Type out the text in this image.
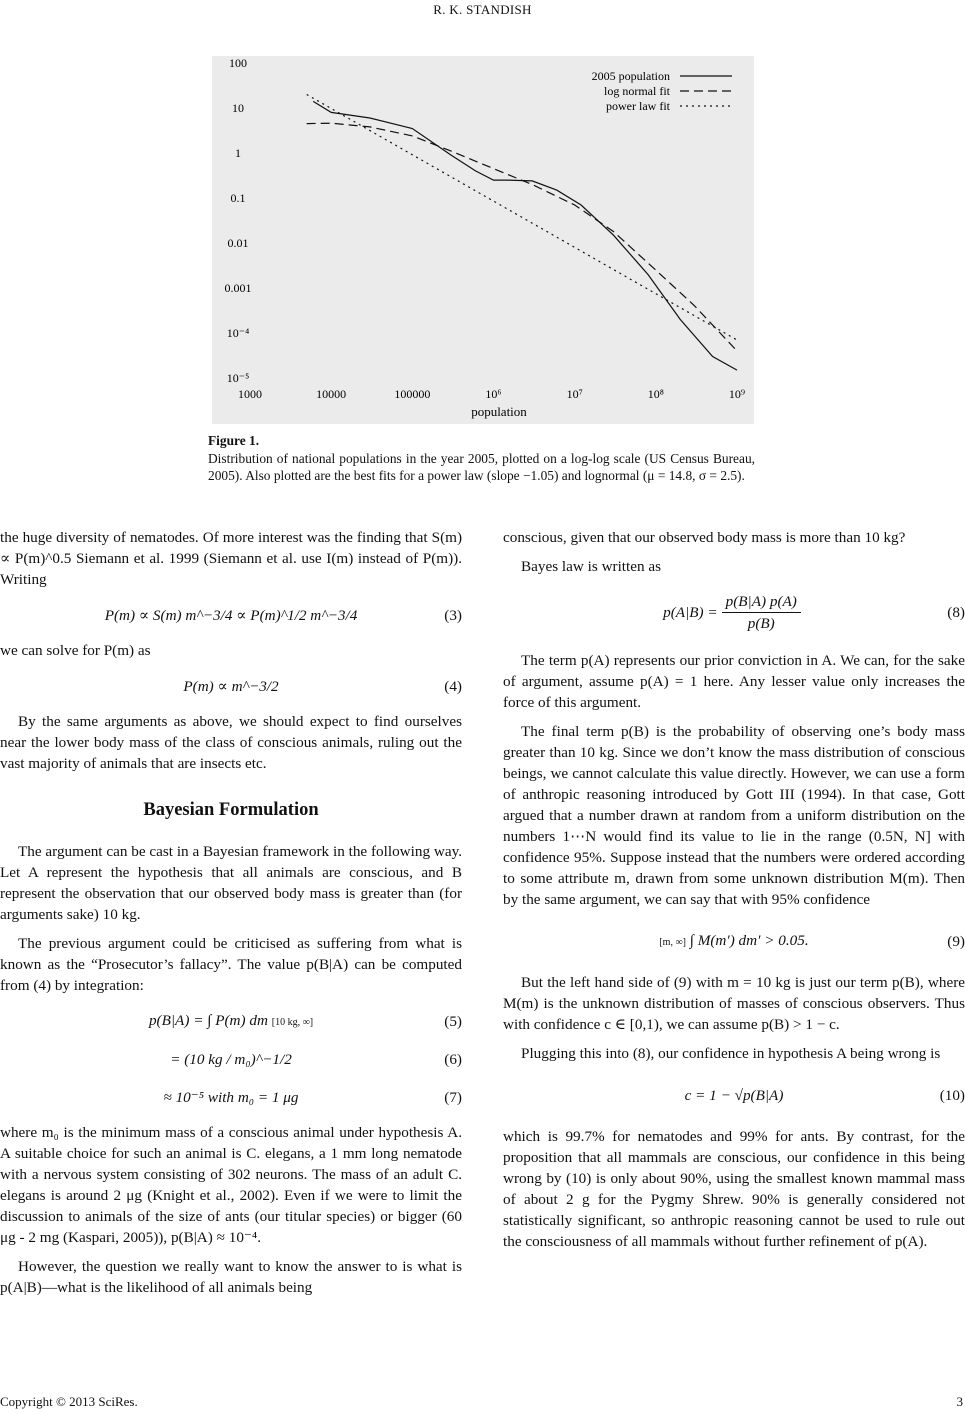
R. K. STANDISH
100
10
1
0.1
0.01
0.001
10⁻⁴
10⁻⁵
1000	10000	100000	10⁶	10⁷	10⁸	10⁹
2005 population
log normal fit
power law fit
population
Figure 1.
Distribution of national populations in the year 2005, plotted on a log-log scale (US Census Bureau, 2005). Also plotted are the best fits for a power law (slope −1.05) and lognormal (μ = 14.8, σ = 2.5).

the huge diversity of nematodes. Of more interest was the finding that S(m) ∝ P(m)^0.5 Siemann et al. 1999 (Siemann et al. use I(m) instead of P(m)). Writing

P(m) ∝ S(m) m^−3/4 ∝ P(m)^1/2 m^−3/4	(3)

we can solve for P(m) as

P(m) ∝ m^−3/2	(4)

By the same arguments as above, we should expect to find ourselves near the lower body mass of the class of conscious animals, ruling out the vast majority of animals that are insects etc.

Bayesian Formulation

The argument can be cast in a Bayesian framework in the following way. Let A represent the hypothesis that all animals are conscious, and B represent the observation that our observed body mass is greater than (for arguments sake) 10 kg.

The previous argument could be criticised as suffering from what is known as the “Prosecutor’s fallacy”. The value p(B|A) can be computed from (4) by integration:

p(B|A) = ∫ P(m) dm [10 kg, ∞]	(5)
= (10 kg / m₀)^−1/2	(6)
≈ 10⁻⁵ with m₀ = 1 μg	(7)

where m₀ is the minimum mass of a conscious animal under hypothesis A. A suitable choice for such an animal is C. elegans, a 1 mm long nematode with a nervous system consisting of 302 neurons. The mass of an adult C. elegans is around 2 μg (Knight et al., 2002). Even if we were to limit the discussion to animals of the size of ants (our titular species) or bigger (60 μg - 2 mg (Kaspari, 2005)), p(B|A) ≈ 10⁻⁴.

However, the question we really want to know the answer to is what is p(A|B)—what is the likelihood of all animals being

conscious, given that our observed body mass is more than 10 kg?

Bayes law is written as

$p(A|B) = \frac{p(B|A) p(A)}{p(B)}$	(8)

The term p(A) represents our prior conviction in A. We can, for the sake of argument, assume p(A) = 1 here. Any lesser value only increases the force of this argument.

The final term p(B) is the probability of observing one’s body mass greater than 10 kg. Since we don’t know the mass distribution of conscious beings, we cannot calculate this value directly. However, we can use a form of anthropic reasoning introduced by Gott III (1994). In that case, Gott argued that a number drawn at random from a uniform distribution on the numbers 1⋯N would find its value to lie in the range (0.5N, N] with confidence 95%. Suppose instead that the numbers were ordered according to some attribute m, drawn from some unknown distribution M(m). Then by the same argument, we can say that with 95% confidence

[m, ∞] ∫ M(m′) dm′ > 0.05.	(9)

But the left hand side of (9) with m = 10 kg is just our term p(B), where M(m) is the unknown distribution of masses of conscious observers. Thus with confidence c ∈ [0,1), we can assume p(B) > 1 − c.

Plugging this into (8), our confidence in hypothesis A being wrong is

c = 1 − √p(B|A)	(10)

which is 99.7% for nematodes and 99% for ants. By contrast, for the proposition that all mammals are conscious, our confidence in this being wrong by (10) is only about 90%, using the smallest known mammal mass of about 2 g for the Pygmy Shrew. 90% is generally considered not statistically significant, so anthropic reasoning cannot be used to rule out the consciousness of all mammals without further refinement of p(A).

Copyright © 2013 SciRes.	3
